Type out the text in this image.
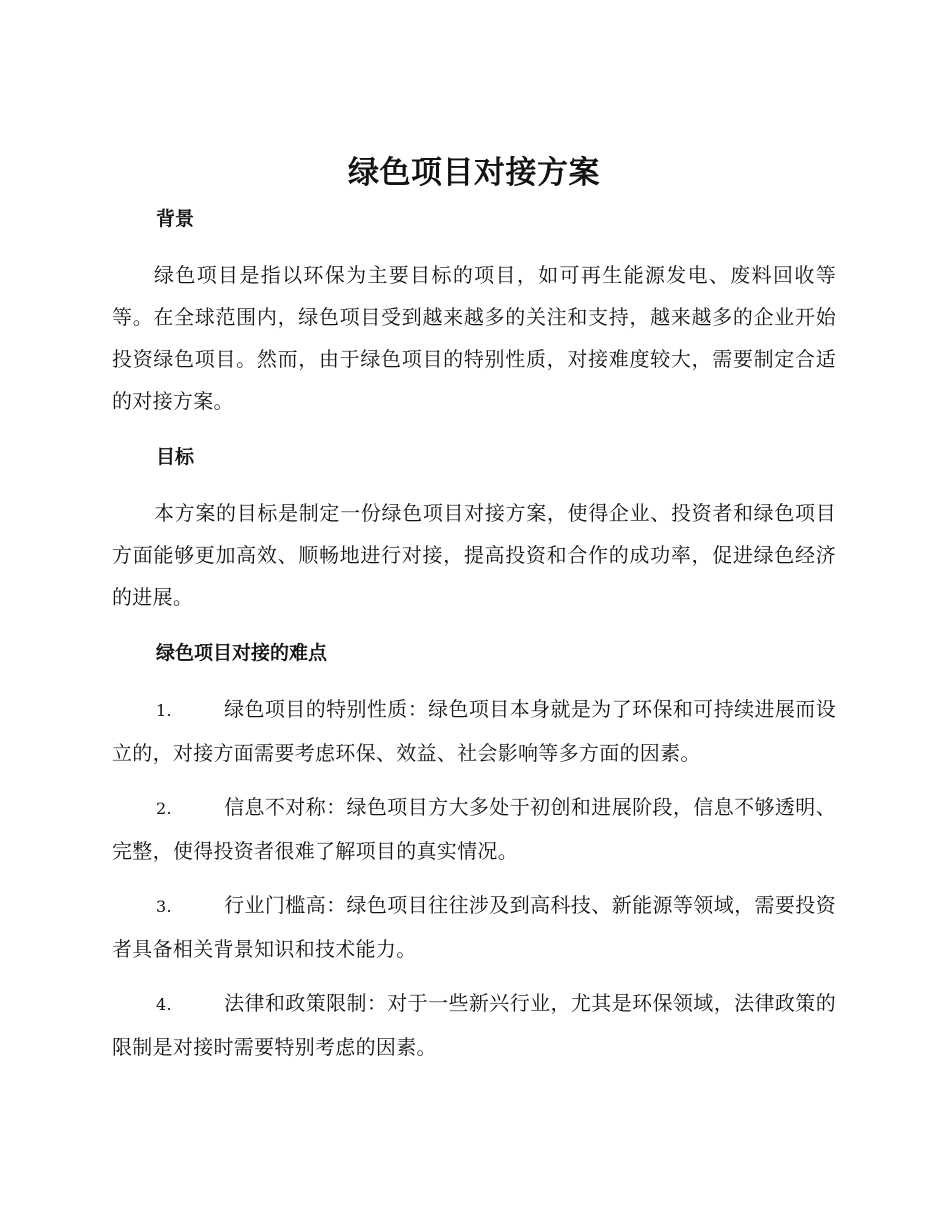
绿色项目对接方案
背景

绿色项目是指以环保为主要目标的项目，如可再生能源发电、废料回收等等。在全球范围内，绿色项目受到越来越多的关注和支持，越来越多的企业开始投资绿色项目。然而，由于绿色项目的特别性质，对接难度较大，需要制定合适的对接方案。

目标

本方案的目标是制定一份绿色项目对接方案，使得企业、投资者和绿色项目方面能够更加高效、顺畅地进行对接，提高投资和合作的成功率，促进绿色经济的进展。

绿色项目对接的难点

1.	绿色项目的特别性质：绿色项目本身就是为了环保和可持续进展而设立的，对接方面需要考虑环保、效益、社会影响等多方面的因素。

2.	信息不对称：绿色项目方大多处于初创和进展阶段，信息不够透明、完整，使得投资者很难了解项目的真实情况。

3.	行业门槛高：绿色项目往往涉及到高科技、新能源等领域，需要投资者具备相关背景知识和技术能力。

4.	法律和政策限制：对于一些新兴行业，尤其是环保领域，法律政策的限制是对接时需要特别考虑的因素。
